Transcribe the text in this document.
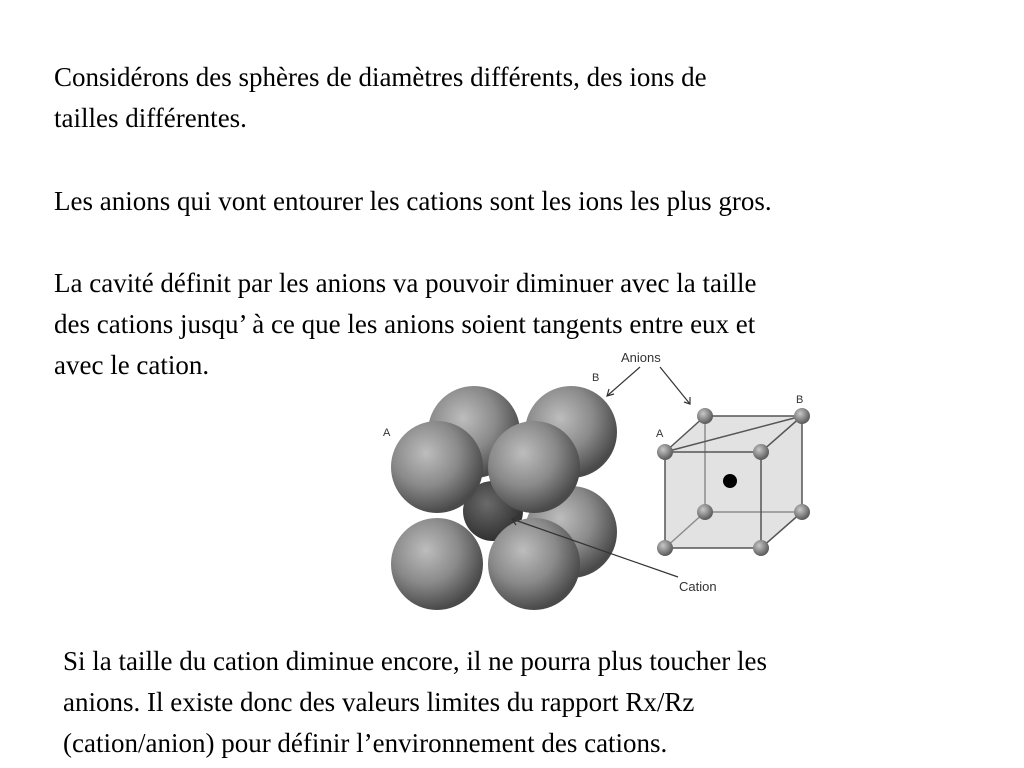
Considérons des sphères de diamètres différents, des ions de
tailles différentes.

Les anions qui vont entourer les cations sont les ions les plus gros.

La cavité définit par les anions va pouvoir diminuer avec la taille
des cations jusqu’ à ce que les anions soient tangents entre eux et
avec le cation.	Anions
Cation
A
B
A
B

Si la taille du cation diminue encore, il ne pourra plus toucher les
anions. Il existe donc des valeurs limites du rapport Rx/Rz
(cation/anion) pour définir l’environnement des cations.
